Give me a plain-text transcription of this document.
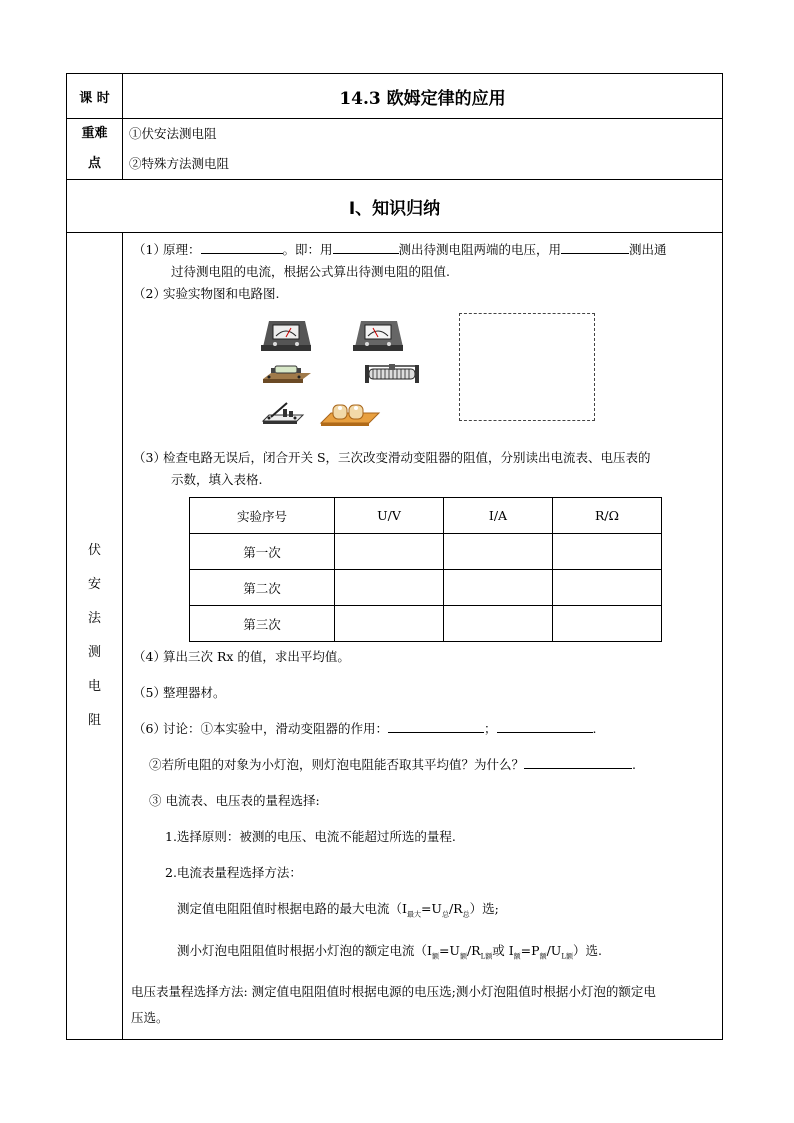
课 时	14.3 欧姆定律的应用

重难
点

①伏安法测电阻
②特殊方法测电阻

I、知识归纳

伏
安
法
测
电
阻

（1）原理：	。即：用	测出待测电阻两端的电压，用	测出通

过待测电阻的电流，根据公式算出待测电阻的阻值.

（2）实验实物图和电路图.

（3）检查电路无误后，闭合开关 S，三次改变滑动变阻器的阻值，分别读出电流表、电压表的

示数，填入表格.

实验序号	U/V	I/A	R/Ω
第一次			
第二次			
第三次			

（4）算出三次 Rx 的值，求出平均值。

（5）整理器材。

（6）讨论：①本实验中，滑动变阻器的作用：	；	.

②若所电阻的对象为小灯泡，则灯泡电阻能否取其平均值？为什么？	.

③ 电流表、电压表的量程选择:

1.选择原则：被测的电压、电流不能超过所选的量程.

2.电流表量程选择方法：

测定值电阻阻值时根据电路的最大电流$(I_{最大}=U_总/R_总)$选;

测小灯泡电阻阻值时根据小灯泡的额定电流（$I_额=U_额/R_{L额}$或 $I_额=P_额/U_{L额}$）选.

电压表量程选择方法: 测定值电阻阻值时根据电源的电压选;测小灯泡阻值时根据小灯泡的额定电
压选。
